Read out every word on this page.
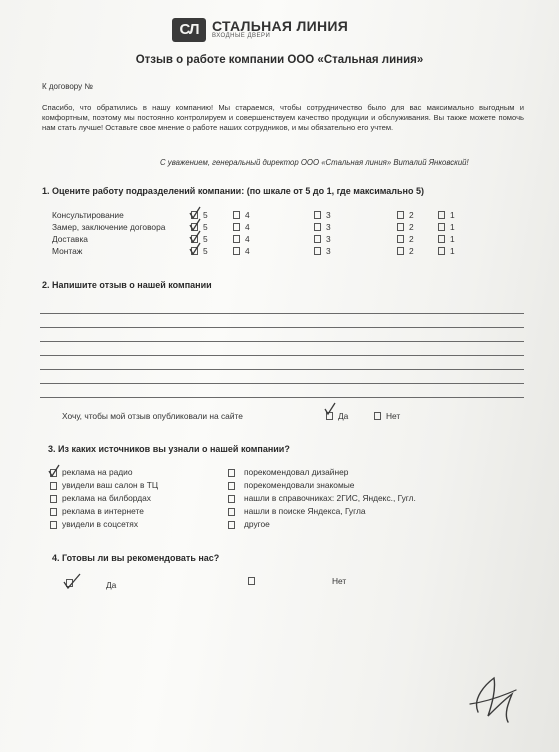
СЛ СТАЛЬНАЯ ЛИНИЯ
ВХОДНЫЕ ДВЕРИ
Отзыв о работе компании ООО «Стальная линия»
К договору №
Спасибо, что обратились в нашу компанию! Мы стараемся, чтобы сотрудничество было для вас максимально выгодным и комфортным, поэтому мы постоянно контролируем и совершенствуем качество продукции и обслуживания. Вы также можете помочь нам стать лучше! Оставьте свое мнение о работе наших сотрудников, и мы обязательно его учтем.
С уважением, генеральный директор ООО «Стальная линия» Виталий Янковский!
1. Оцените работу подразделений компании: (по шкале от 5 до 1, где максимально 5)
Консультирование	5	4	3	2	1
Замер, заключение договора	5	4	3	2	1
Доставка	5	4	3	2	1
Монтаж	5	4	3	2	1
2. Напишите отзыв о нашей компании
Хочу, чтобы мой отзыв опубликовали на сайте	Да	Нет
3. Из каких источников вы узнали о нашей компании?
реклама на радио
увидели ваш салон в ТЦ
реклама на билбордах
реклама в интернете
увидели в соцсетях
порекомендовал дизайнер
порекомендовали знакомые
нашли в справочниках: 2ГИС, Яндекс., Гугл.
нашли в поиске Яндекса, Гугла
другое
4. Готовы ли вы рекомендовать нас?
Да	Нет
